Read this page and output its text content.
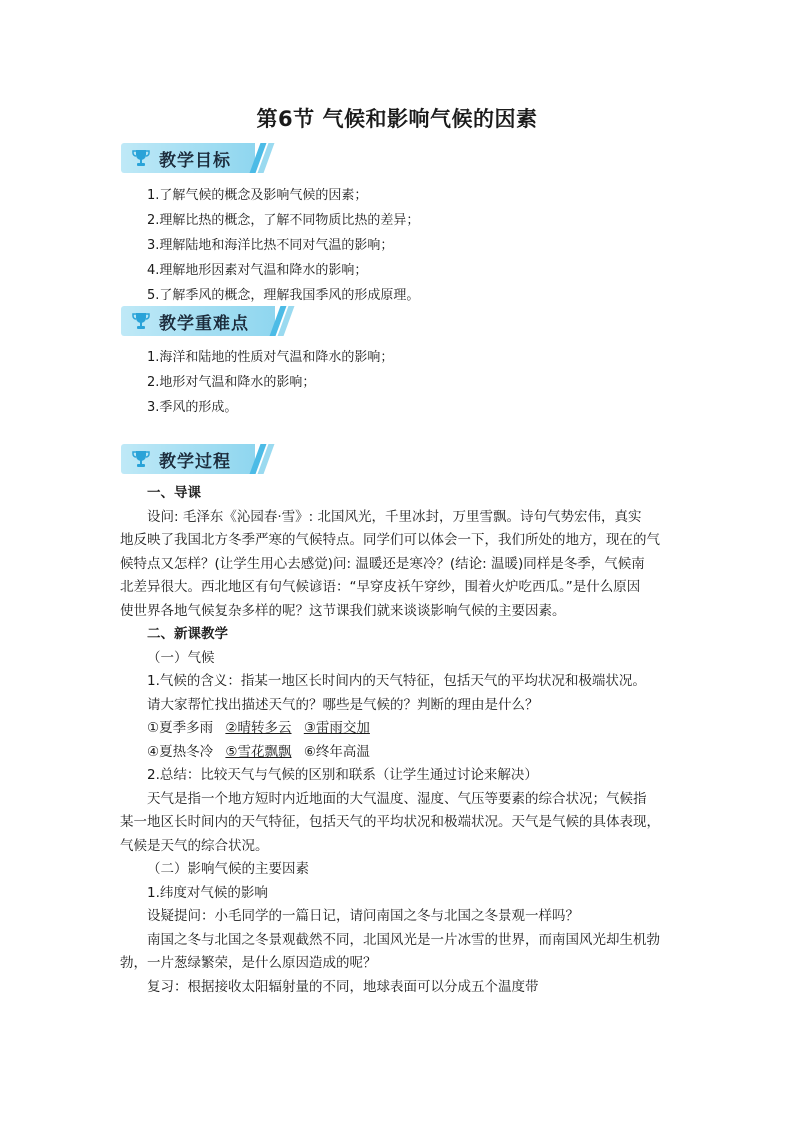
第6节 气候和影响气候的因素
教学目标
1.了解气候的概念及影响气候的因素；
2.理解比热的概念，了解不同物质比热的差异；
3.理解陆地和海洋比热不同对气温的影响；
4.理解地形因素对气温和降水的影响；
5.了解季风的概念，理解我国季风的形成原理。
教学重难点
1.海洋和陆地的性质对气温和降水的影响；
2.地形对气温和降水的影响；
3.季风的形成。
教学过程

一、导课

设问: 毛泽东《沁园春·雪》: 北国风光，千里冰封，万里雪飘。诗句气势宏伟，真实

地反映了我国北方冬季严寒的气候特点。同学们可以体会一下，我们所处的地方，现在的气

候特点又怎样？(让学生用心去感觉)问: 温暖还是寒冷？(结论: 温暖)同样是冬季，气候南

北差异很大。西北地区有句气候谚语：“早穿皮袄午穿纱，围着火炉吃西瓜。”是什么原因

使世界各地气候复杂多样的呢？这节课我们就来谈谈影响气候的主要因素。

二、新课教学

（一）气候

1.气候的含义：指某一地区长时间内的天气特征，包括天气的平均状况和极端状况。

请大家帮忙找出描述天气的？哪些是气候的？判断的理由是什么？

①夏季多雨 ②晴转多云 ③雷雨交加

④夏热冬冷 ⑤雪花飘飘 ⑥终年高温

2.总结：比较天气与气候的区别和联系（让学生通过讨论来解决）

天气是指一个地方短时内近地面的大气温度、湿度、气压等要素的综合状况；气候指

某一地区长时间内的天气特征，包括天气的平均状况和极端状况。天气是气候的具体表现，

气候是天气的综合状况。

（二）影响气候的主要因素

1.纬度对气候的影响

设疑提问：小毛同学的一篇日记，请问南国之冬与北国之冬景观一样吗？

南国之冬与北国之冬景观截然不同，北国风光是一片冰雪的世界，而南国风光却生机勃

勃，一片葱绿繁荣，是什么原因造成的呢？

复习：根据接收太阳辐射量的不同，地球表面可以分成五个温度带
